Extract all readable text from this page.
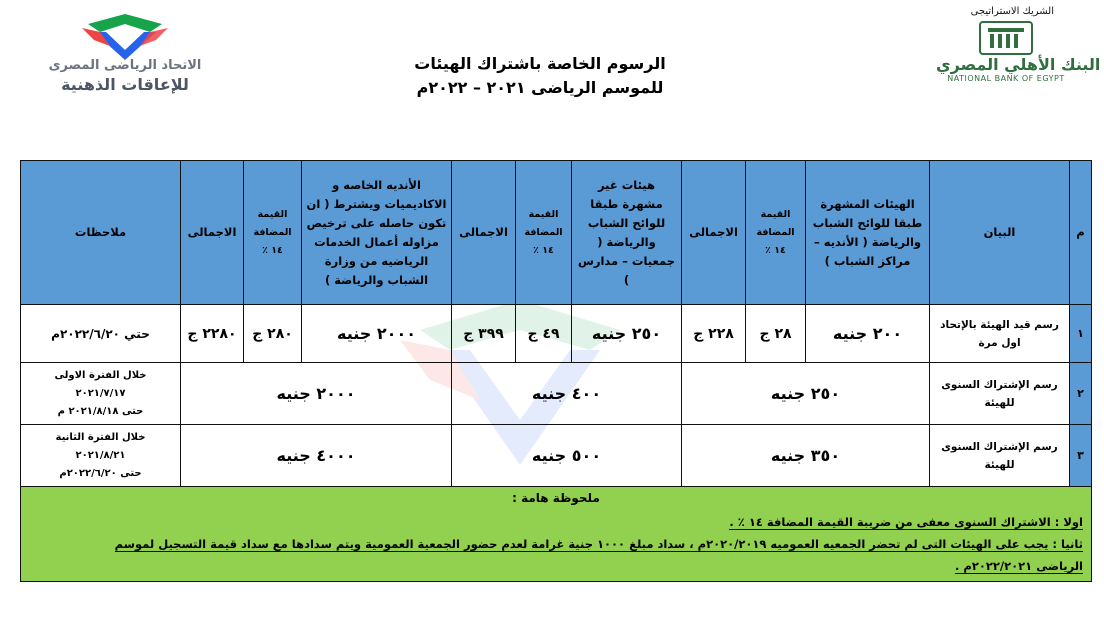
الاتحاد الرياضى المصرى
للإعاقات الذهنية
الشريك الاستراتيجى
البنك الأهلي المصري
NATIONAL BANK OF EGYPT
الرسوم الخاصة باشتراك الهيئات
للموسم الرياضى ٢٠٢١ – ٢٠٢٢م
م	البيان	الهيئات المشهرة طبقا للوائح الشباب والرياضة ( الأنديه – مراكز الشباب )	القيمة المضافة ١٤ ٪	الاجمالى	هيئات غير مشهرة طبقا للوائح الشباب والرياضة ( جمعيات – مدارس )	القيمة المضافة ١٤ ٪	الاجمالى	الأنديه الخاصه و الاكاديميات ويشترط ( ان تكون حاصله على ترخيص مزاوله أعمال الخدمات الرياضيه من وزارة الشباب والرياضة )	القيمة المضافة ١٤ ٪	الاجمالى	ملاحظات
١	رسم قيد الهيئة بالإتحاد اول مرة	٢٠٠ جنيه	٢٨ ج	٢٢٨ ج	٢٥٠ جنيه	٤٩ ج	٣٩٩ ج	٢٠٠٠ جنيه	٢٨٠ ج	٢٢٨٠ ج	حتي ٢٠٢٢/٦/٢٠م
٢	رسم الإشتراك السنوى للهيئة	٢٥٠ جنيه			٤٠٠ جنيه			٢٠٠٠ جنيه			خلال الفترة الاولى
٢٠٢١/٧/١٧
حتى ٢٠٢١/٨/١٨ م

٣	رسم الإشتراك السنوى للهيئة	٣٥٠ جنيه			٥٠٠ جنيه			٤٠٠٠ جنيه			خلال الفترة الثانية
٢٠٢١/٨/٢١
حتى ٢٠٢٢/٦/٢٠م

ملحوظة هامة :
اولا : الاشتراك السنوى معفى من ضريبة القيمة المضافة ١٤ ٪ .
ثانيا : يجب على الهيئات التى لم تحضر الجمعيه العموميه ٢٠٢٠/٢٠١٩م ، سداد مبلغ ١٠٠٠ جنية غرامة لعدم حضور الجمعية العمومية ويتم سدادها مع سداد قيمة التسجيل لموسم
الرياضى ٢٠٢٢/٢٠٢١م .											
